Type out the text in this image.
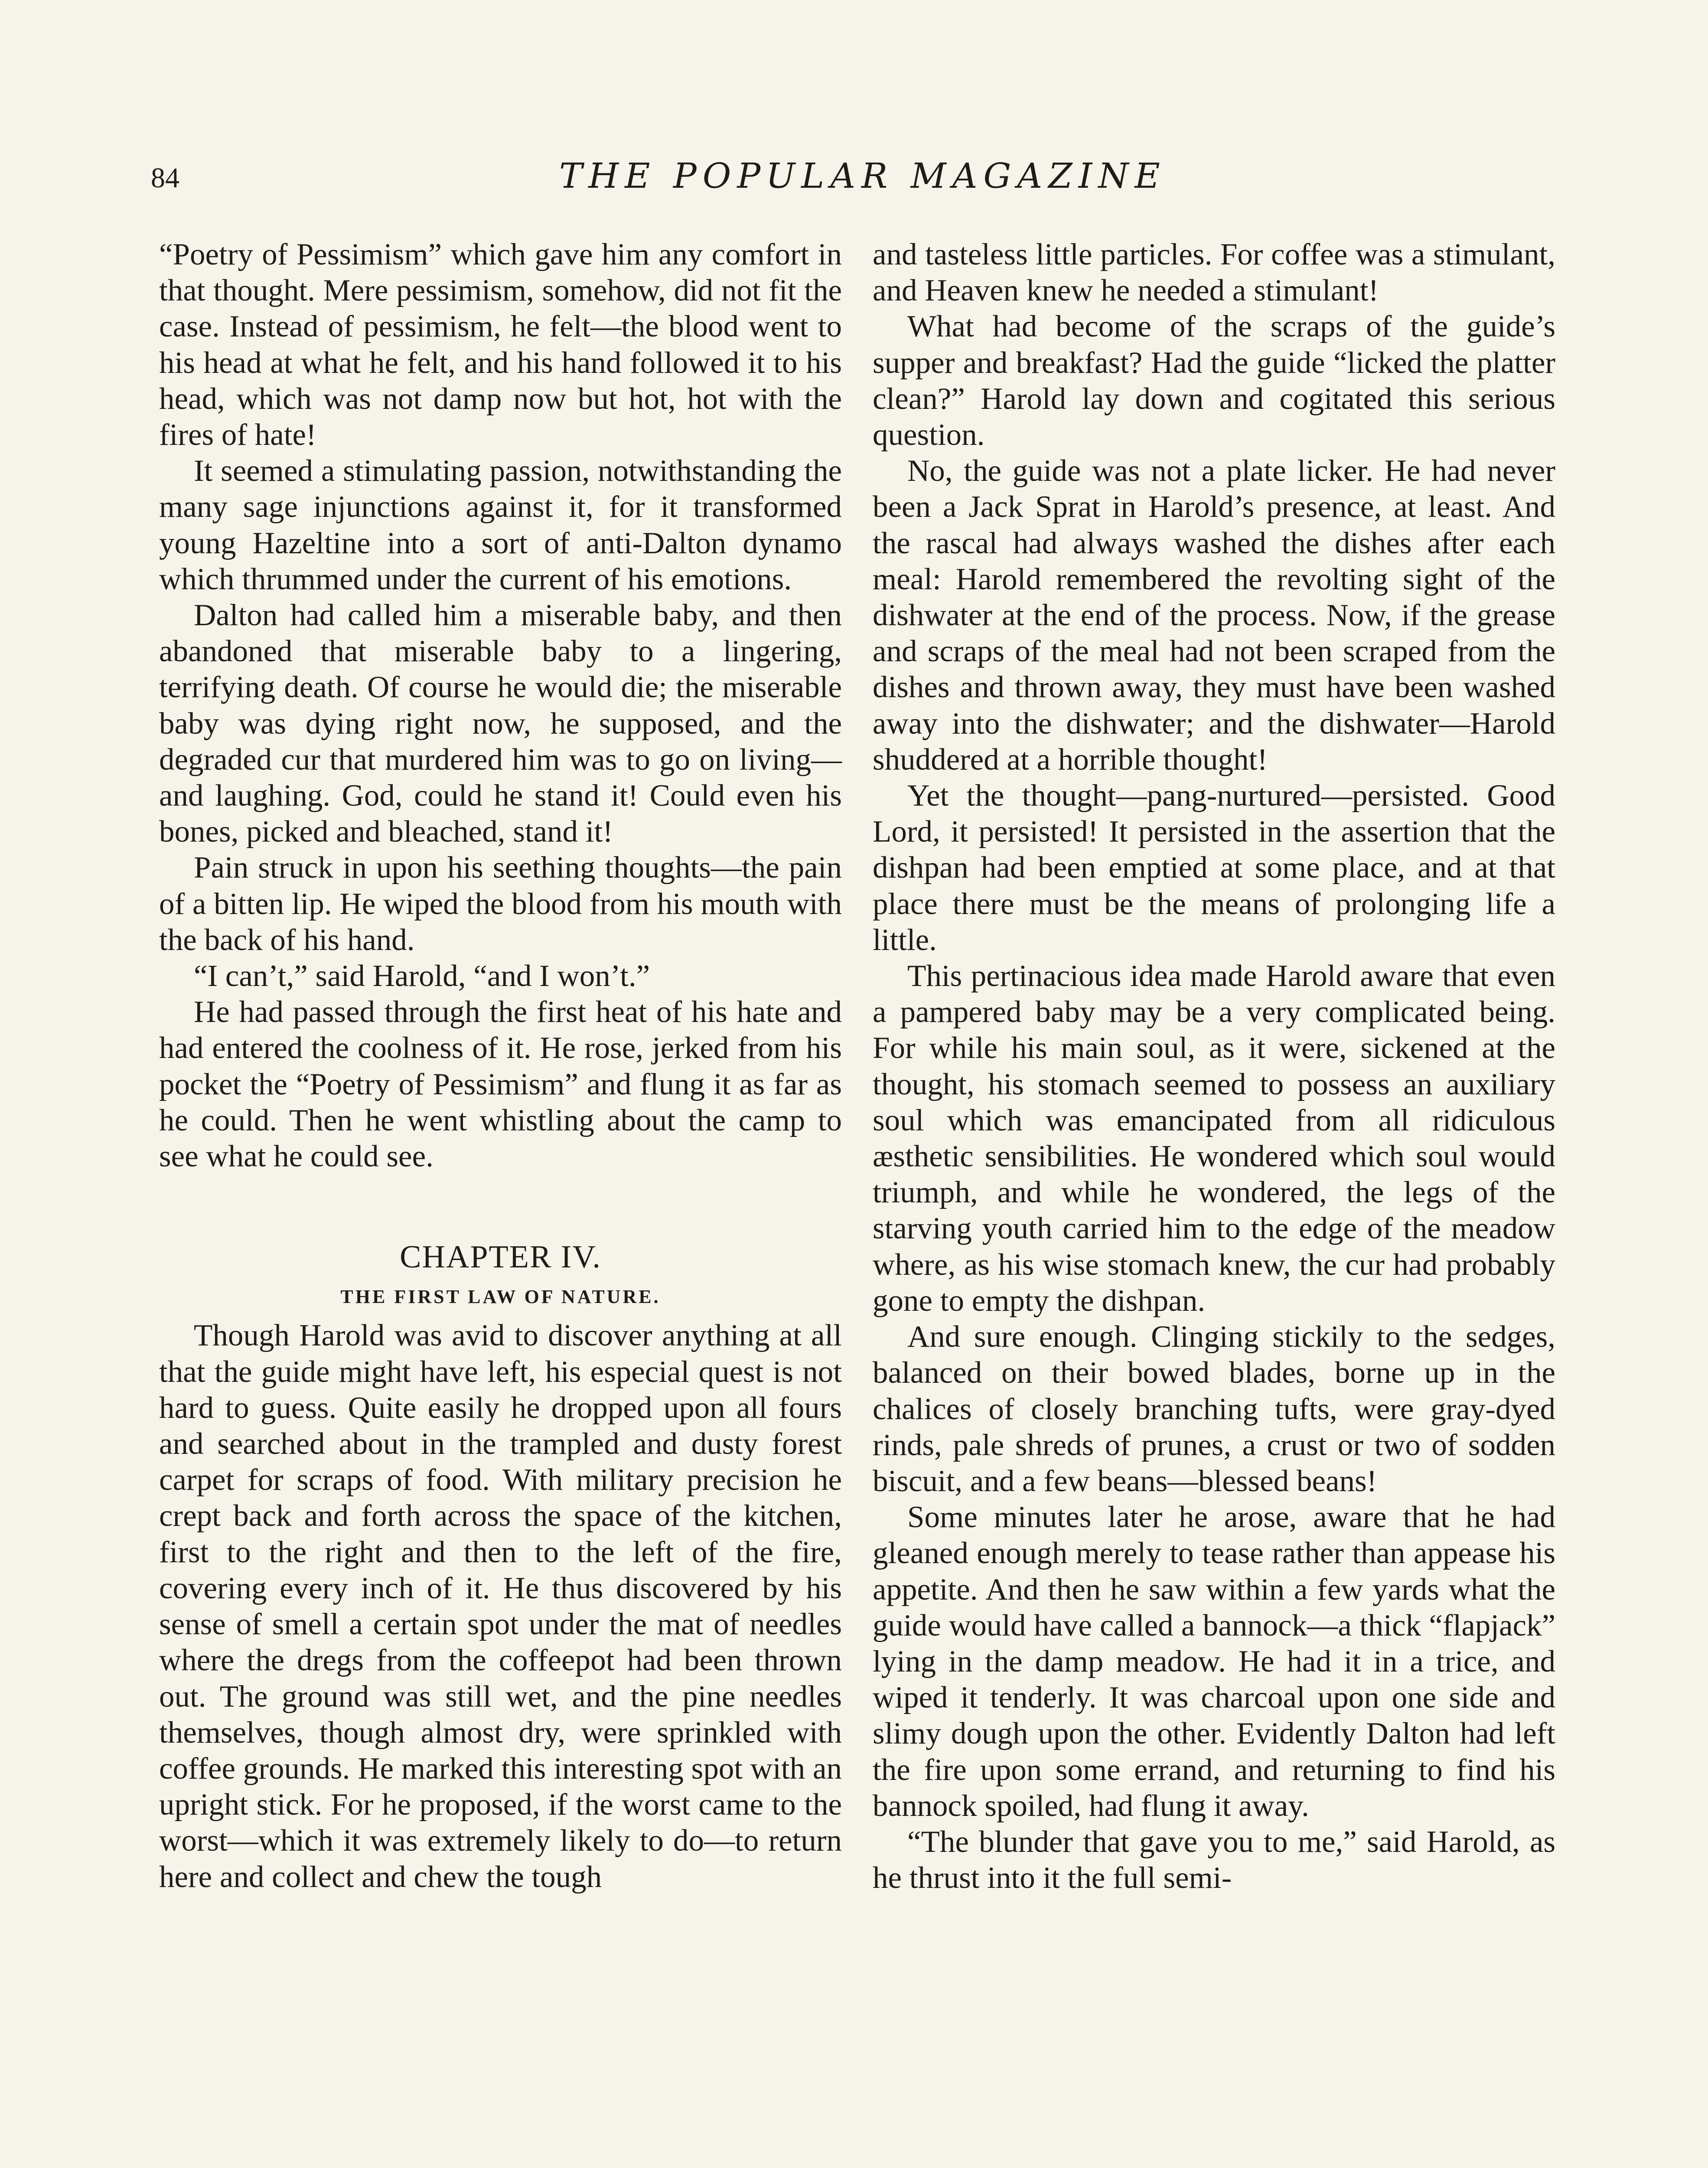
84	THE POPULAR MAGAZINE

“Poetry of Pessimism” which gave him any comfort in that thought. Mere pessimism, somehow, did not fit the case. Instead of pessimism, he felt—the blood went to his head at what he felt, and his hand followed it to his head, which was not damp now but hot, hot with the fires of hate!

It seemed a stimulating passion, notwithstanding the many sage injunctions against it, for it transformed young Hazeltine into a sort of anti-Dalton dynamo which thrummed under the current of his emotions.

Dalton had called him a miserable baby, and then abandoned that miserable baby to a lingering, terrifying death. Of course he would die; the miserable baby was dying right now, he supposed, and the degraded cur that murdered him was to go on living—and laughing. God, could he stand it! Could even his bones, picked and bleached, stand it!

Pain struck in upon his seething thoughts—the pain of a bitten lip. He wiped the blood from his mouth with the back of his hand.

“I can’t,” said Harold, “and I won’t.”

He had passed through the first heat of his hate and had entered the coolness of it. He rose, jerked from his pocket the “Poetry of Pessimism” and flung it as far as he could. Then he went whistling about the camp to see what he could see.

CHAPTER IV.
THE FIRST LAW OF NATURE.

Though Harold was avid to discover anything at all that the guide might have left, his especial quest is not hard to guess. Quite easily he dropped upon all fours and searched about in the trampled and dusty forest carpet for scraps of food. With military precision he crept back and forth across the space of the kitchen, first to the right and then to the left of the fire, covering every inch of it. He thus discovered by his sense of smell a certain spot under the mat of needles where the dregs from the coffeepot had been thrown out. The ground was still wet, and the pine needles themselves, though almost dry, were sprinkled with coffee grounds. He marked this interesting spot with an upright stick. For he proposed, if the worst came to the worst—which it was extremely likely to do—to return here and collect and chew the tough

and tasteless little particles. For coffee was a stimulant, and Heaven knew he needed a stimulant!

What had become of the scraps of the guide’s supper and breakfast? Had the guide “licked the platter clean?” Harold lay down and cogitated this serious question.

No, the guide was not a plate licker. He had never been a Jack Sprat in Harold’s presence, at least. And the rascal had always washed the dishes after each meal: Harold remembered the revolting sight of the dishwater at the end of the process. Now, if the grease and scraps of the meal had not been scraped from the dishes and thrown away, they must have been washed away into the dishwater; and the dishwater—Harold shuddered at a horrible thought!

Yet the thought—pang-nurtured—persisted. Good Lord, it persisted! It persisted in the assertion that the dishpan had been emptied at some place, and at that place there must be the means of prolonging life a little.

This pertinacious idea made Harold aware that even a pampered baby may be a very complicated being. For while his main soul, as it were, sickened at the thought, his stomach seemed to possess an auxiliary soul which was emancipated from all ridiculous æsthetic sensibilities. He wondered which soul would triumph, and while he wondered, the legs of the starving youth carried him to the edge of the meadow where, as his wise stomach knew, the cur had probably gone to empty the dishpan.

And sure enough. Clinging stickily to the sedges, balanced on their bowed blades, borne up in the chalices of closely branching tufts, were gray-dyed rinds, pale shreds of prunes, a crust or two of sodden biscuit, and a few beans—blessed beans!

Some minutes later he arose, aware that he had gleaned enough merely to tease rather than appease his appetite. And then he saw within a few yards what the guide would have called a bannock—a thick “flapjack” lying in the damp meadow. He had it in a trice, and wiped it tenderly. It was charcoal upon one side and slimy dough upon the other. Evidently Dalton had left the fire upon some errand, and returning to find his bannock spoiled, had flung it away.

“The blunder that gave you to me,” said Harold, as he thrust into it the full semi-
